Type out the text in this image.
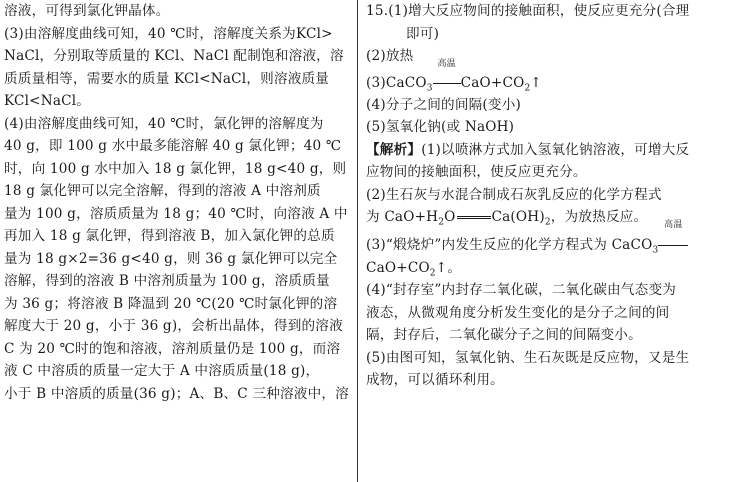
溶液，可得到氯化钾晶体。
(3)由溶解度曲线可知，40 ℃时，溶解度关系为KCl>
NaCl，分别取等质量的 KCl、NaCl 配制饱和溶液，溶
质质量相等，需要水的质量 KCl<NaCl，则溶液质量
KCl<NaCl。
(4)由溶解度曲线可知，40 ℃时，氯化钾的溶解度为
40 g，即 100 g 水中最多能溶解 40 g 氯化钾；40 ℃
时，向 100 g 水中加入 18 g 氯化钾，18 g<40 g，则
18 g 氯化钾可以完全溶解，得到的溶液 A 中溶剂质
量为 100 g，溶质质量为 18 g；40 ℃时，向溶液 A 中
再加入 18 g 氯化钾，得到溶液 B，加入氯化钾的总质
量为 18 g×2=36 g<40 g，则 36 g 氯化钾可以完全
溶解，得到的溶液 B 中溶剂质量为 100 g，溶质质量
为 36 g；将溶液 B 降温到 20 ℃(20 ℃时氯化钾的溶
解度大于 20 g，小于 36 g)，会析出晶体，得到的溶液
C 为 20 ℃时的饱和溶液，溶剂质量仍是 100 g，而溶
液 C 中溶质的质量一定大于 A 中溶质质量(18 g)，
小于 B 中溶质的质量(36 g)；A、B、C 三种溶液中，溶
15.(1)增大反应物间的接触面积，使反应更充分(合理
即可)
(2)放热
(3)CaCO$_3$
高温
$CaO+CO_2↑$
(4)分子之间的间隔(变小)
(5)氢氧化钠(或 NaOH)
【解析】(1)以喷淋方式加入氢氧化钠溶液，可增大反
应物间的接触面积，使反应更充分。
(2)生石灰与水混合制成石灰乳反应的化学方程式
为 $CaO+H_2O$	$Ca(OH)_2$，为放热反应。
(3)“煅烧炉”内发生反应的化学方程式为 CaCO$_3$
高温
$CaO+CO_2↑$。
(4)“封存室”内封存二氧化碳，二氧化碳由气态变为
液态，从微观角度分析发生变化的是分子之间的间
隔，封存后，二氧化碳分子之间的间隔变小。
(5)由图可知，氢氧化钠、生石灰既是反应物，又是生
成物，可以循环利用。
